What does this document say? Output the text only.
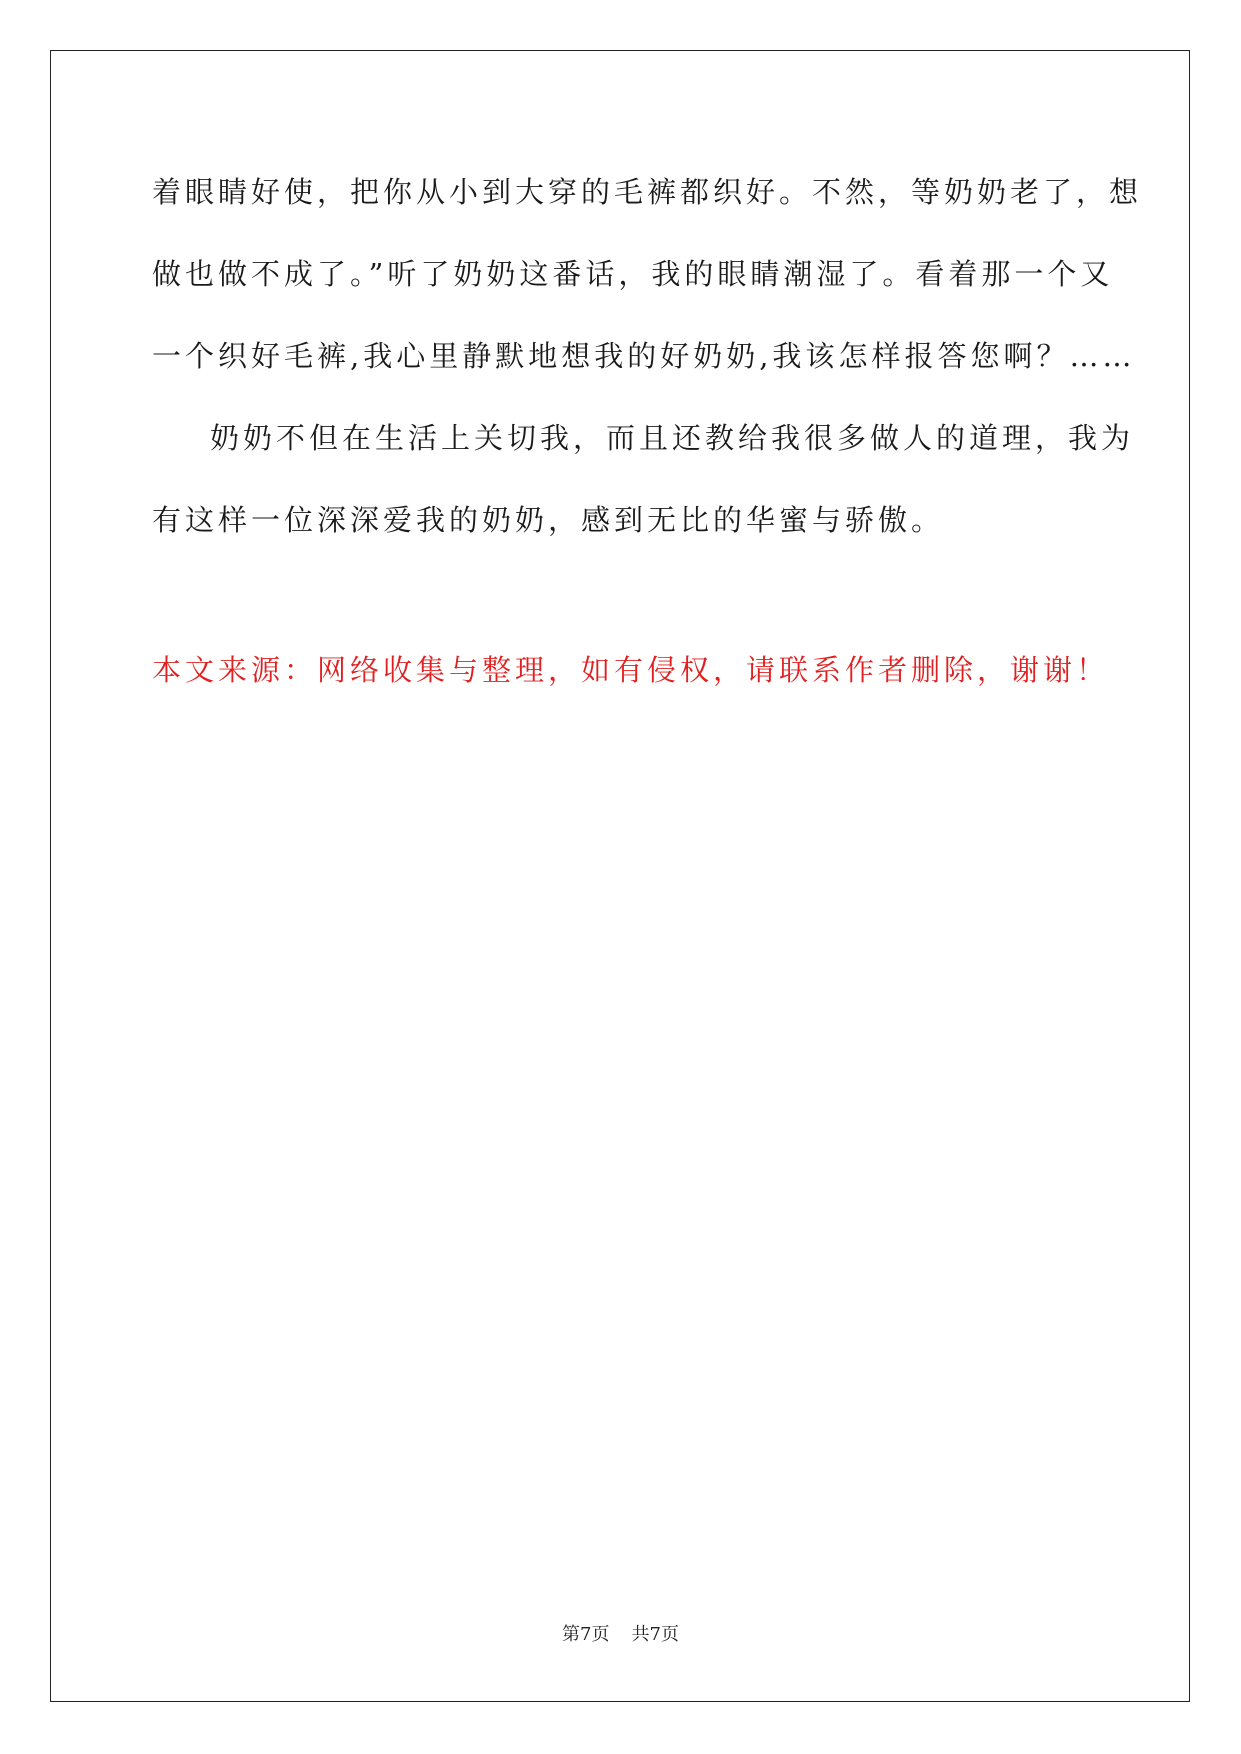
着眼睛好使，把你从小到大穿的毛裤都织好。不然，等奶奶老了，想
做也做不成了。”听了奶奶这番话，我的眼睛潮湿了。看着那一个又
一个织好毛裤,我心里静默地想我的好奶奶,我该怎样报答您啊？……
奶奶不但在生活上关切我，而且还教给我很多做人的道理，我为
有这样一位深深爱我的奶奶，感到无比的华蜜与骄傲。
本文来源：网络收集与整理，如有侵权，请联系作者删除，谢谢！
第7页 共7页
